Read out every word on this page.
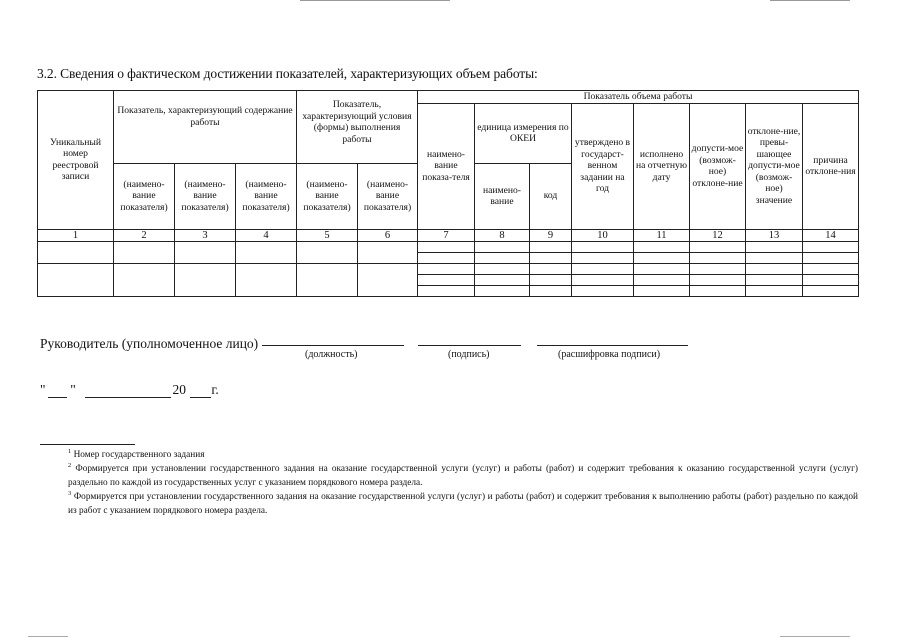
3.2. Сведения о фактическом достижении показателей, характеризующих объем работы:
Уникальный номер реестровой записи	Показатель, характеризующий содержание работы			Показатель, характеризующий условия (формы) выполнения работы		Показатель объема работы							
						наимено-вание показа-теля	единица измерения по ОКЕИ		утверждено в государст-венном задании на год	исполнено на отчетную дату	допусти-мое (возмож-ное) отклоне-ние	отклоне-ние, превы-шающее допусти-мое (возмож-ное) значение	причина отклоне-ния
	(наимено-вание показателя)	(наимено-вание показателя)	(наимено-вание показателя)	(наимено-вание показателя)	(наимено-вание показателя)		наимено-вание	код					
1	2	3	4	5	6	7	8	9	10	11	12	13	14

Руководитель (уполномоченное лицо)
(должность)	(подпись)	(расшифровка подписи)
" "	20 г.

$^1$ Номер государственного задания

$^2$ Формируется при установлении государственного задания на оказание государственной услуги (услуг) и работы (работ) и содержит требования к оказанию государственной услуги (услуг) раздельно по каждой из государственных услуг с указанием порядкового номера раздела.

$^3$ Формируется при установлении государственного задания на оказание государственной услуги (услуг) и работы (работ) и содержит требования к выполнению работы (работ) раздельно по каждой из работ с указанием порядкового номера раздела.
